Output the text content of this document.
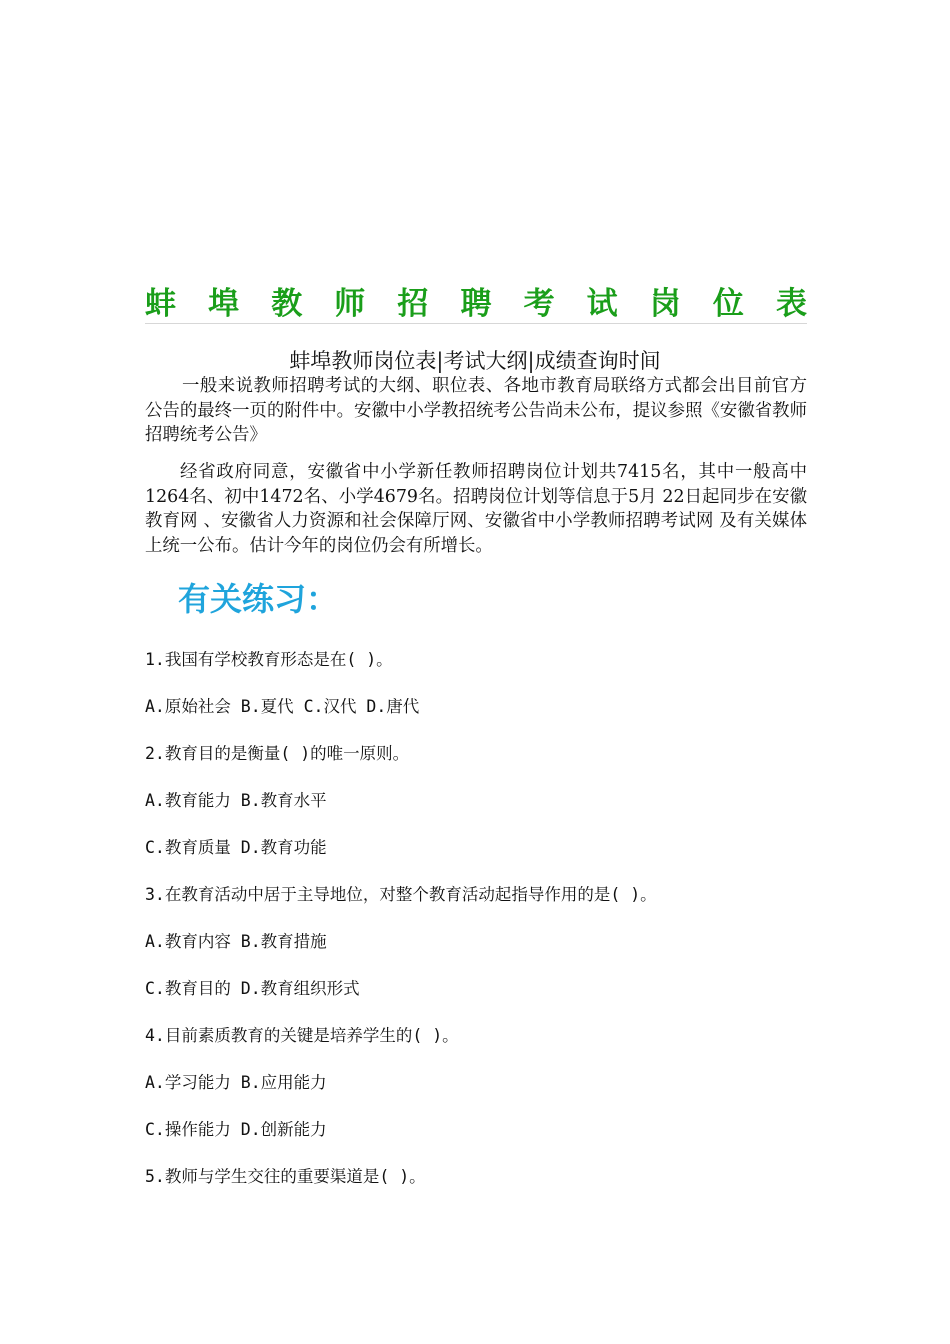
蚌 埠 教 师 招 聘 考 试 岗 位 表
蚌埠教师岗位表|考试大纲|成绩查询时间

一般来说教师招聘考试的大纲、职位表、各地市教育局联络方式都会出目前官方公告的最终一页的附件中。安徽中小学教招统考公告尚未公布，提议参照《安徽省教师招聘统考公告》

经省政府同意，安徽省中小学新任教师招聘岗位计划共7415名，其中一般高中1264名、初中1472名、小学4679名。招聘岗位计划等信息于5月 22日起同步在安徽教育网 、安徽省人力资源和社会保障厅网、安徽省中小学教师招聘考试网 及有关媒体上统一公布。估计今年的岗位仍会有所增长。

有关练习：
1.我国有学校教育形态是在( )。
A.原始社会 B.夏代 C.汉代 D.唐代
2.教育目的是衡量( )的唯一原则。
A.教育能力 B.教育水平
C.教育质量 D.教育功能
3.在教育活动中居于主导地位，对整个教育活动起指导作用的是( )。
A.教育内容 B.教育措施
C.教育目的 D.教育组织形式
4.目前素质教育的关键是培养学生的( )。
A.学习能力 B.应用能力
C.操作能力 D.创新能力
5.教师与学生交往的重要渠道是( )。
